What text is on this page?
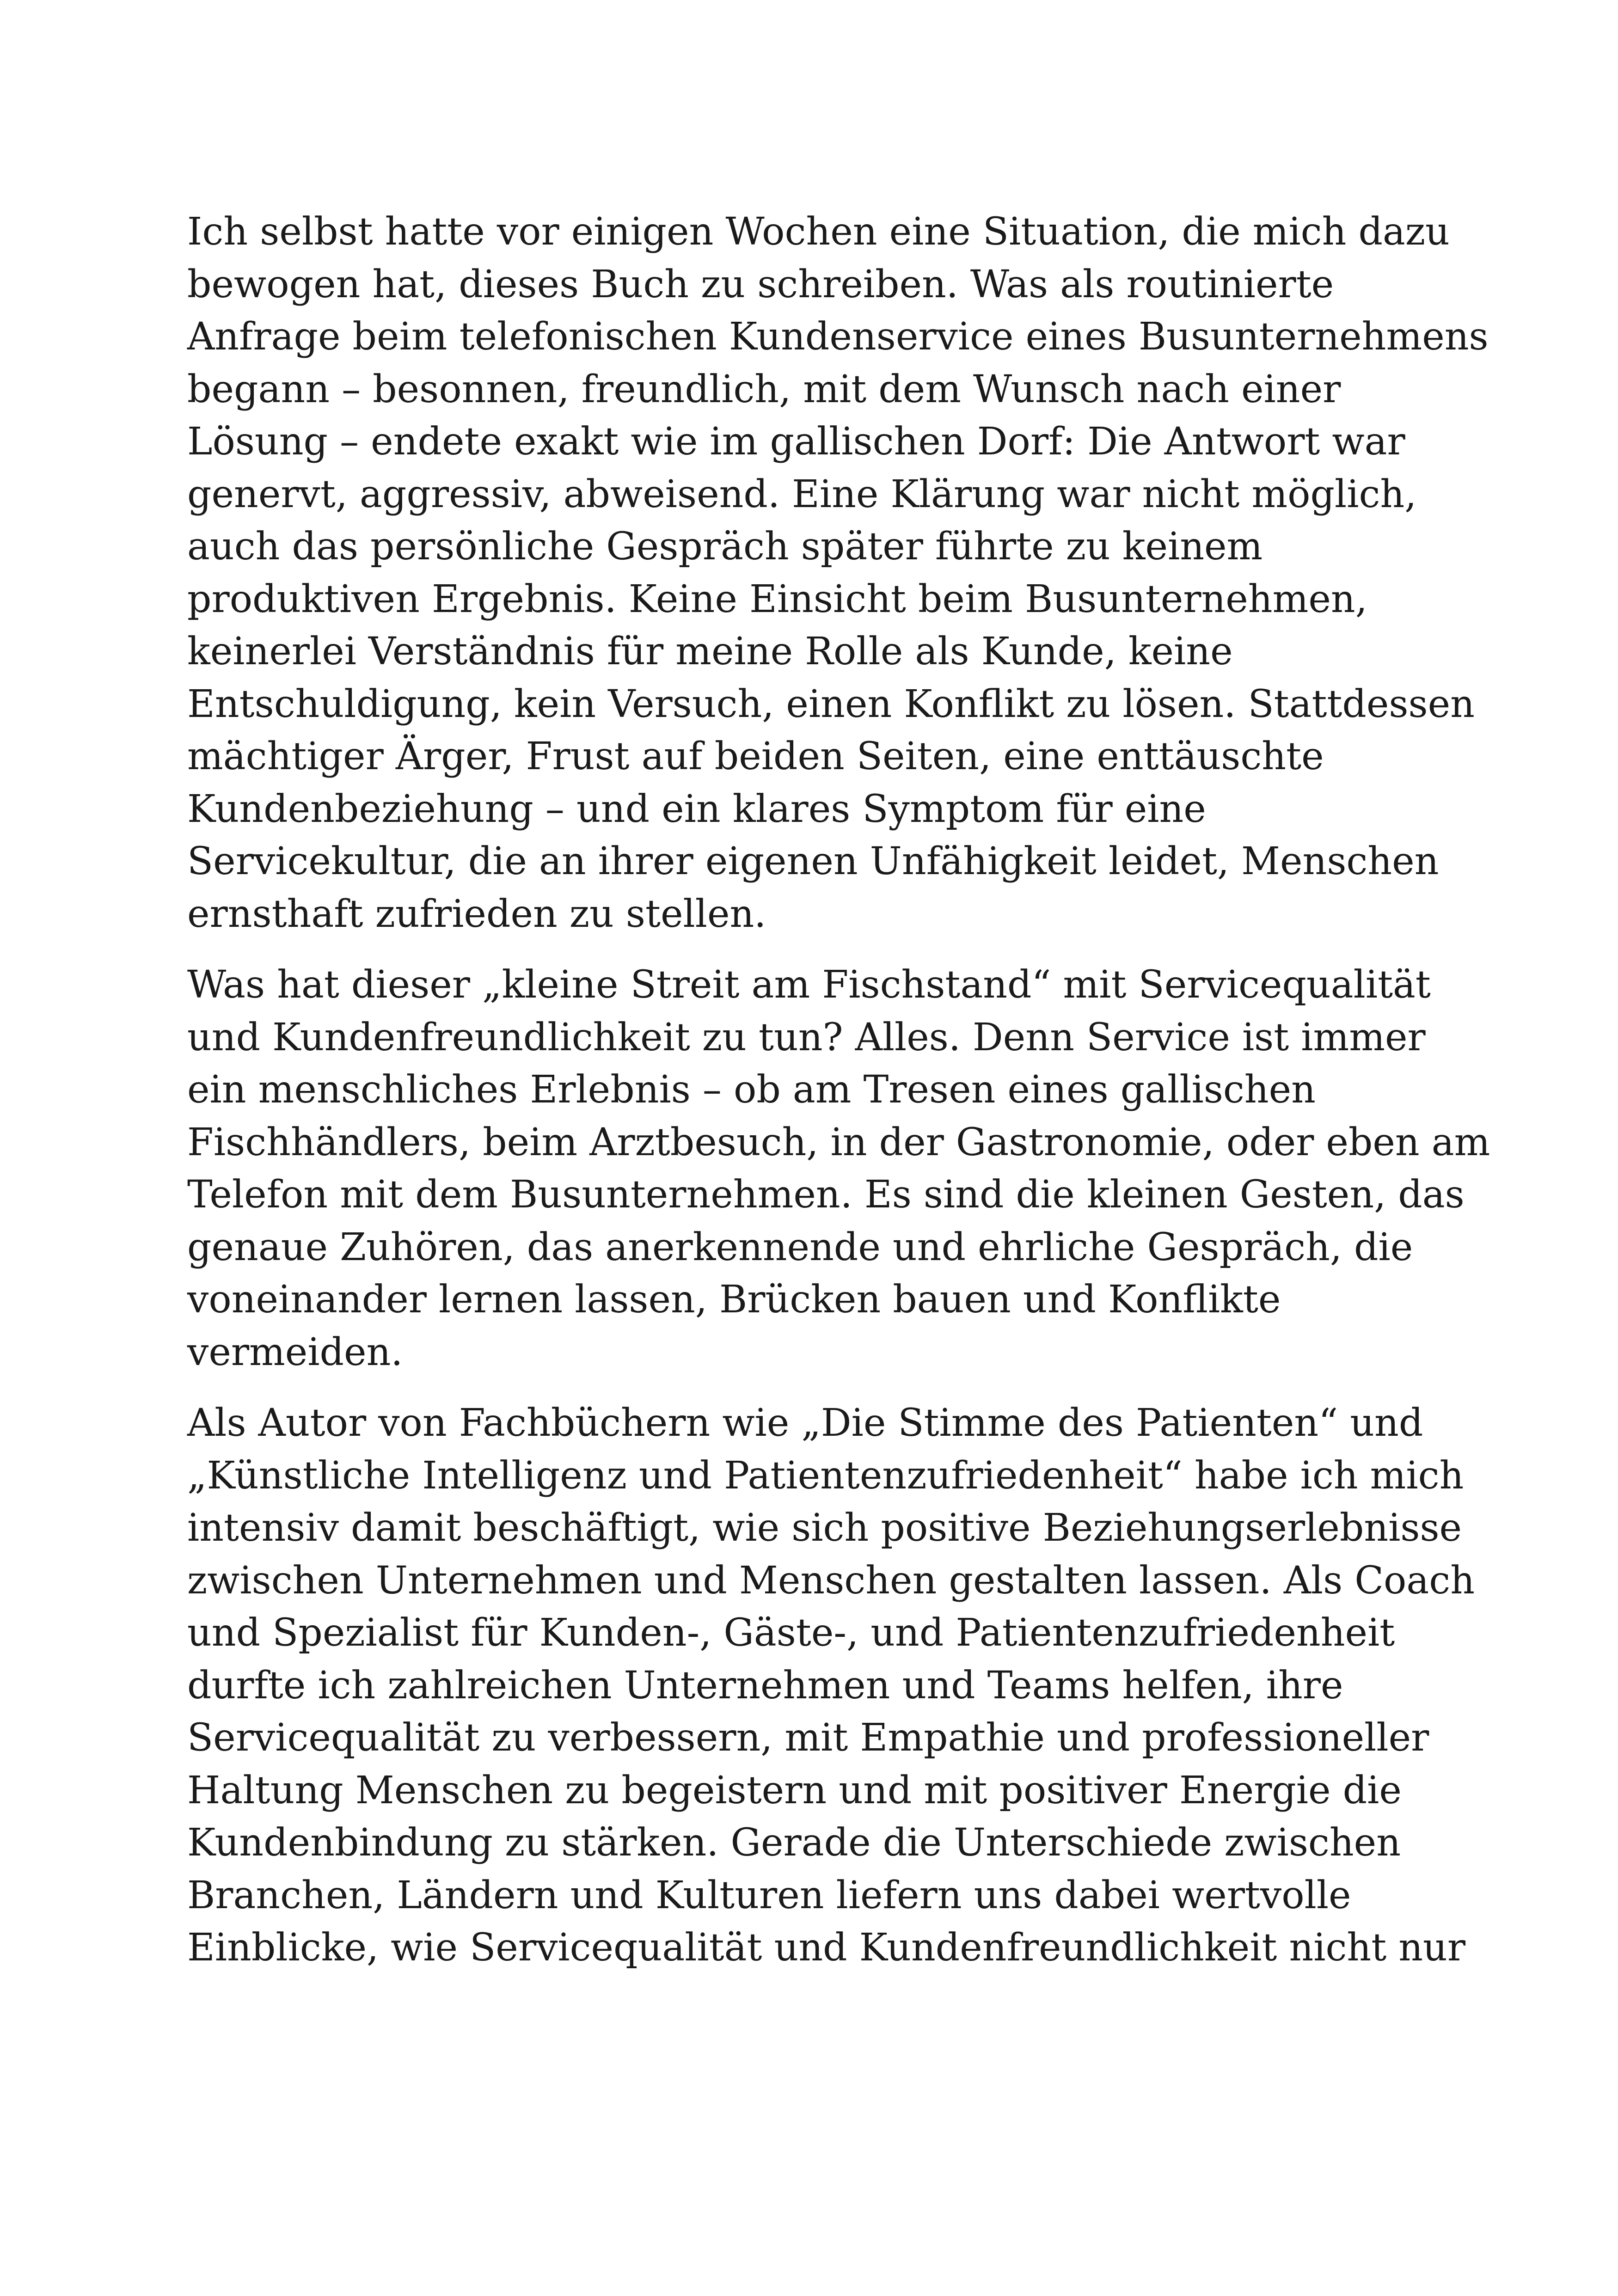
Ich selbst hatte vor einigen Wochen eine Situation, die mich dazu
bewogen hat, dieses Buch zu schreiben. Was als routinierte
Anfrage beim telefonischen Kundenservice eines Busunternehmens
begann – besonnen, freundlich, mit dem Wunsch nach einer
Lösung – endete exakt wie im gallischen Dorf: Die Antwort war
genervt, aggressiv, abweisend. Eine Klärung war nicht möglich,
auch das persönliche Gespräch später führte zu keinem
produktiven Ergebnis. Keine Einsicht beim Busunternehmen,
keinerlei Verständnis für meine Rolle als Kunde, keine
Entschuldigung, kein Versuch, einen Konflikt zu lösen. Stattdessen
mächtiger Ärger, Frust auf beiden Seiten, eine enttäuschte
Kundenbeziehung – und ein klares Symptom für eine
Servicekultur, die an ihrer eigenen Unfähigkeit leidet, Menschen
ernsthaft zufrieden zu stellen.

Was hat dieser „kleine Streit am Fischstand“ mit Servicequalität
und Kundenfreundlichkeit zu tun? Alles. Denn Service ist immer
ein menschliches Erlebnis – ob am Tresen eines gallischen
Fischhändlers, beim Arztbesuch, in der Gastronomie, oder eben am
Telefon mit dem Busunternehmen. Es sind die kleinen Gesten, das
genaue Zuhören, das anerkennende und ehrliche Gespräch, die
voneinander lernen lassen, Brücken bauen und Konflikte
vermeiden.

Als Autor von Fachbüchern wie „Die Stimme des Patienten“ und
„Künstliche Intelligenz und Patientenzufriedenheit“ habe ich mich
intensiv damit beschäftigt, wie sich positive Beziehungserlebnisse
zwischen Unternehmen und Menschen gestalten lassen. Als Coach
und Spezialist für Kunden-, Gäste-, und Patientenzufriedenheit
durfte ich zahlreichen Unternehmen und Teams helfen, ihre
Servicequalität zu verbessern, mit Empathie und professioneller
Haltung Menschen zu begeistern und mit positiver Energie die
Kundenbindung zu stärken. Gerade die Unterschiede zwischen
Branchen, Ländern und Kulturen liefern uns dabei wertvolle
Einblicke, wie Servicequalität und Kundenfreundlichkeit nicht nur
